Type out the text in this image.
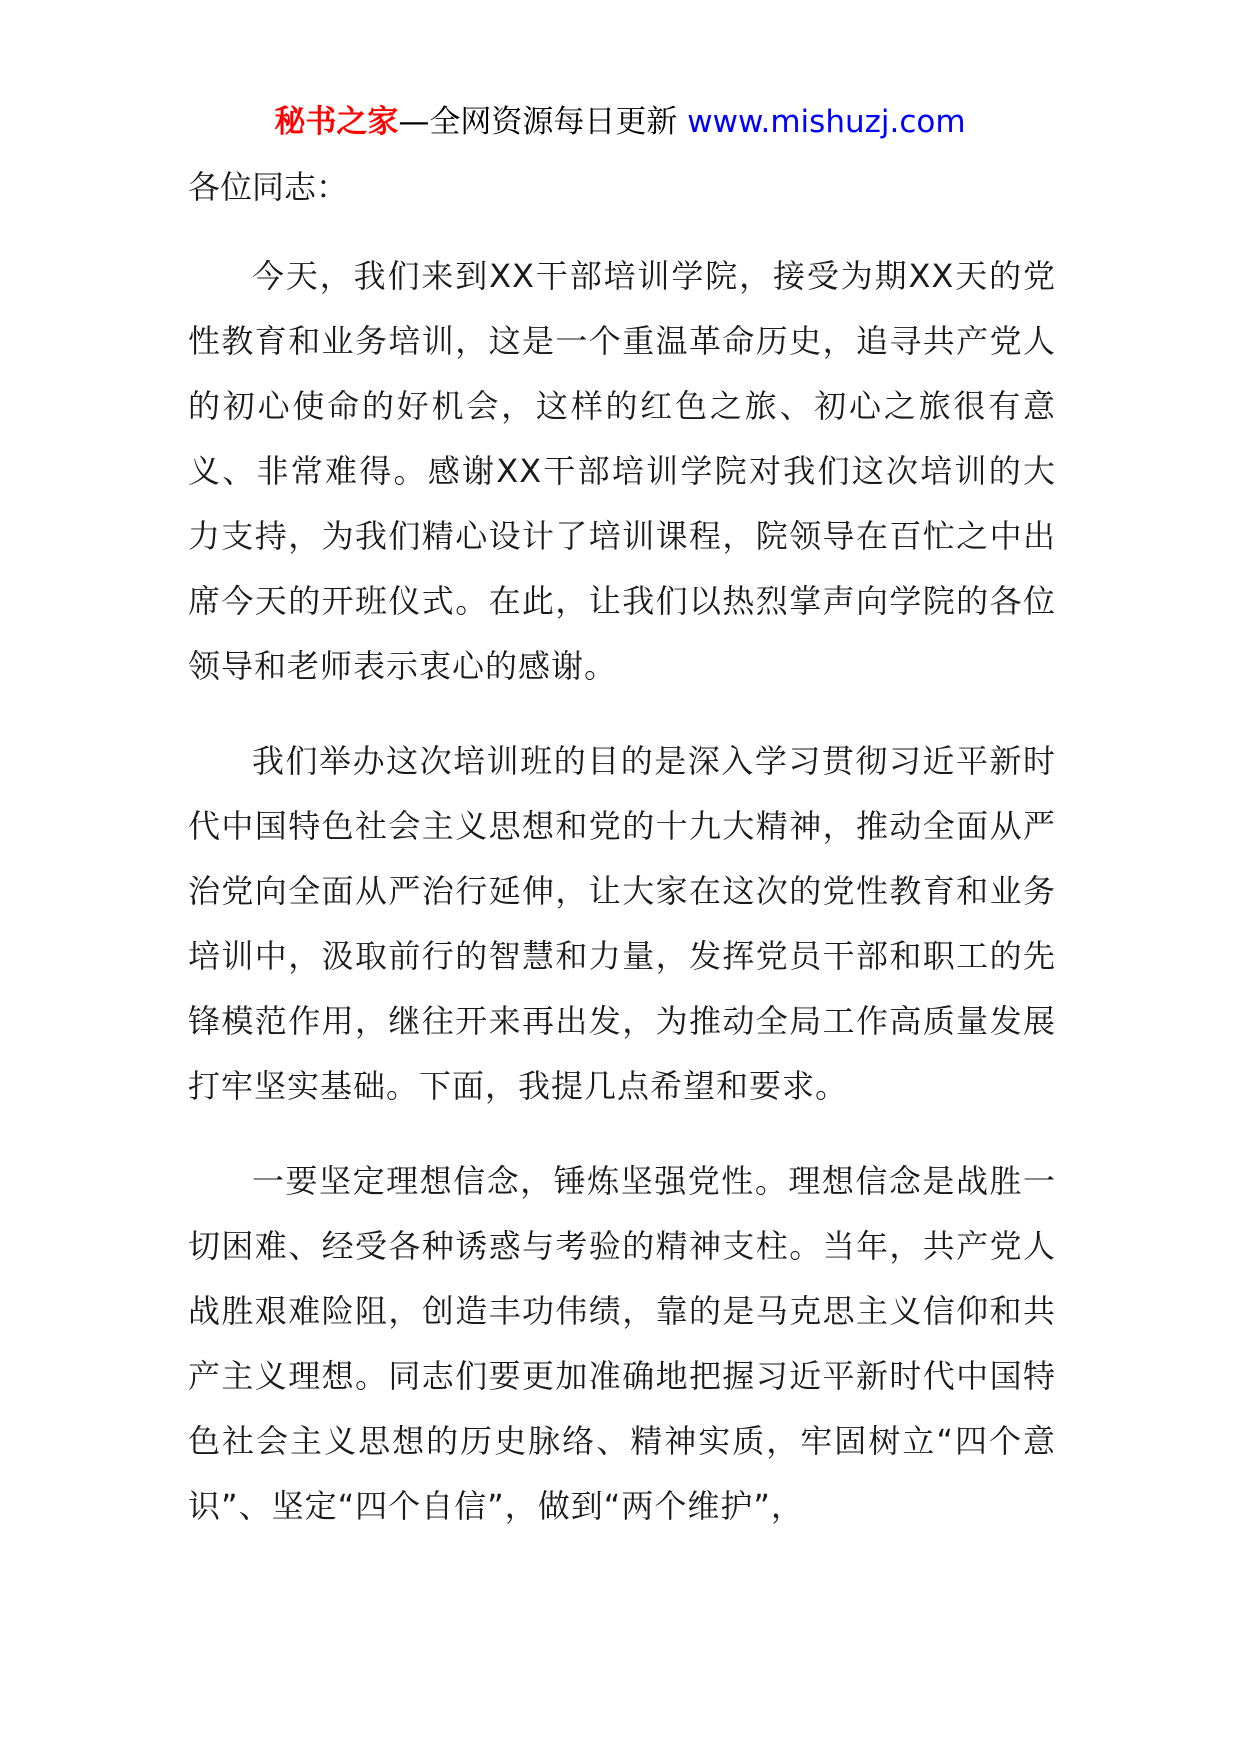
秘书之家—全网资源每日更新 www.mishuzj.com

各位同志：

今天，我们来到XX干部培训学院，接受为期XX天的党性教育和业务培训，这是一个重温革命历史，追寻共产党人的初心使命的好机会，这样的红色之旅、初心之旅很有意义、非常难得。感谢XX干部培训学院对我们这次培训的大力支持，为我们精心设计了培训课程，院领导在百忙之中出席今天的开班仪式。在此，让我们以热烈掌声向学院的各位领导和老师表示衷心的感谢。

我们举办这次培训班的目的是深入学习贯彻习近平新时代中国特色社会主义思想和党的十九大精神，推动全面从严治党向全面从严治行延伸，让大家在这次的党性教育和业务培训中，汲取前行的智慧和力量，发挥党员干部和职工的先锋模范作用，继往开来再出发，为推动全局工作高质量发展打牢坚实基础。下面，我提几点希望和要求。

一要坚定理想信念，锤炼坚强党性。理想信念是战胜一切困难、经受各种诱惑与考验的精神支柱。当年，共产党人战胜艰难险阻，创造丰功伟绩，靠的是马克思主义信仰和共产主义理想。同志们要更加准确地把握习近平新时代中国特色社会主义思想的历史脉络、精神实质，牢固树立“四个意识”、坚定“四个自信”，做到“两个维护”，
